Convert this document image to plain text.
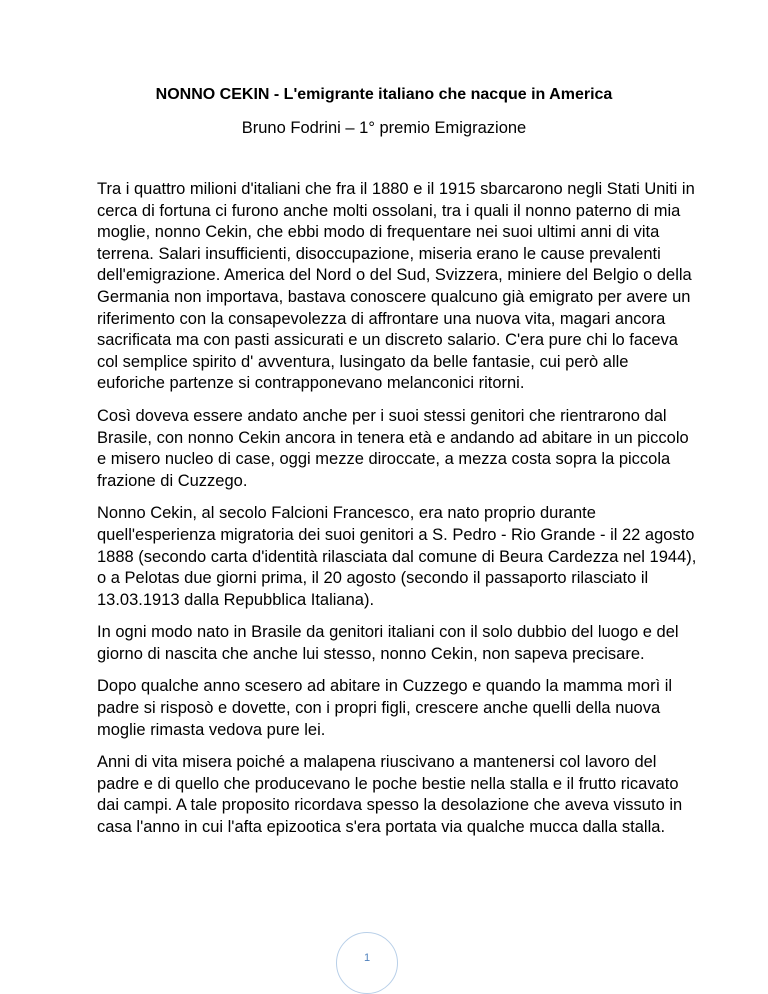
NONNO CEKIN - L'emigrante italiano che nacque in America
Bruno Fodrini – 1° premio Emigrazione

Tra i quattro milioni d'italiani che fra il 1880 e il 1915 sbarcarono negli Stati Uniti in cerca di fortuna ci furono anche molti ossolani, tra i quali il nonno paterno di mia moglie, nonno Cekin, che ebbi modo di frequentare nei suoi ultimi anni di vita terrena. Salari insufficienti, disoccupazione, miseria erano le cause prevalenti dell'emigrazione. America del Nord o del Sud, Svizzera, miniere del Belgio o della Germania non importava, bastava conoscere qualcuno già emigrato per avere un riferimento con la consapevolezza di affrontare una nuova vita, magari ancora sacrificata ma con pasti assicurati e un discreto salario. C'era pure chi lo faceva col semplice spirito d' avventura, lusingato da belle fantasie, cui però alle euforiche partenze si contrapponevano melanconici ritorni.

Così doveva essere andato anche per i suoi stessi genitori che rientrarono dal Brasile, con nonno Cekin ancora in tenera età e andando ad abitare in un piccolo e misero nucleo di case, oggi mezze diroccate, a mezza costa sopra la piccola frazione di Cuzzego.

Nonno Cekin, al secolo Falcioni Francesco, era nato proprio durante quell'esperienza migratoria dei suoi genitori a S. Pedro - Rio Grande - il 22 agosto 1888 (secondo carta d'identità rilasciata dal comune di Beura Cardezza nel 1944), o a Pelotas due giorni prima, il 20 agosto (secondo il passaporto rilasciato il 13.03.1913 dalla Repubblica Italiana).

In ogni modo nato in Brasile da genitori italiani con il solo dubbio del luogo e del giorno di nascita che anche lui stesso, nonno Cekin, non sapeva precisare.

Dopo qualche anno scesero ad abitare in Cuzzego e quando la mamma morì il padre si risposò e dovette, con i propri figli, crescere anche quelli della nuova moglie rimasta vedova pure lei.

Anni di vita misera poiché a malapena riuscivano a mantenersi col lavoro del padre e di quello che producevano le poche bestie nella stalla e il frutto ricavato dai campi. A tale proposito ricordava spesso la desolazione che aveva vissuto in casa l'anno in cui l'afta epizootica s'era portata via qualche mucca dalla stalla.

1
